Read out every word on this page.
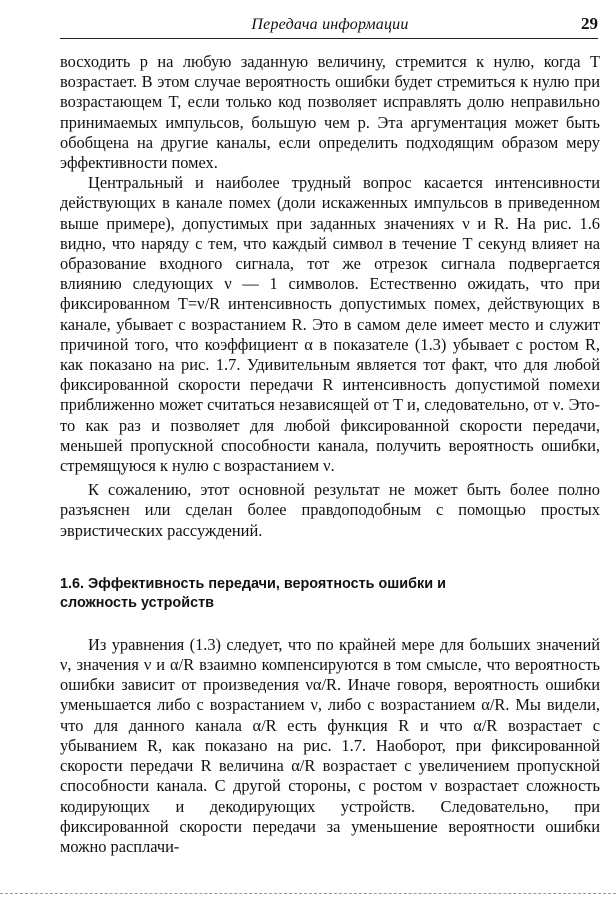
Передача информации	29

восходить p на любую заданную величину, стремится к нулю, когда T возрастает. В этом случае вероятность ошибки будет стремиться к нулю при возрастающем T, если только код позволяет исправлять долю неправильно принимаемых импульсов, большую чем p. Эта аргументация может быть обобщена на другие каналы, если определить подходящим образом меру эффективности помех.

Центральный и наиболее трудный вопрос касается интенсивности действующих в канале помех (доли искаженных импульсов в приведенном выше примере), допустимых при заданных значениях ν и R. На рис. 1.6 видно, что наряду с тем, что каждый символ в течение T секунд влияет на образование входного сигнала, тот же отрезок сигнала подвергается влиянию следующих ν — 1 символов. Естественно ожидать, что при фиксированном T=ν/R интенсивность допустимых помех, действующих в канале, убывает с возрастанием R. Это в самом деле имеет место и служит причиной того, что коэффициент α в показателе (1.3) убывает с ростом R, как показано на рис. 1.7. Удивительным является тот факт, что для любой фиксированной скорости передачи R интенсивность допустимой помехи приближенно может считаться независящей от T и, следовательно, от ν. Это-то как раз и позволяет для любой фиксированной скорости передачи, меньшей пропускной способности канала, получить вероятность ошибки, стремящуюся к нулю с возрастанием ν.

К сожалению, этот основной результат не может быть более полно разъяснен или сделан более правдоподобным с помощью простых эвристических рассуждений.

1.6. Эффективность передачи, вероятность ошибки и сложность устройств

Из уравнения (1.3) следует, что по крайней мере для больших значений ν, значения ν и α/R взаимно компенсируются в том смысле, что вероятность ошибки зависит от произведения να/R. Иначе говоря, вероятность ошибки уменьшается либо с возрастанием ν, либо с возрастанием α/R. Мы видели, что для данного канала α/R есть функция R и что α/R возрастает с убыванием R, как показано на рис. 1.7. Наоборот, при фиксированной скорости передачи R величина α/R возрастает с увеличением пропускной способности канала. С другой стороны, с ростом ν возрастает сложность кодирующих и декодирующих устройств. Следовательно, при фиксированной скорости передачи за уменьшение вероятности ошибки можно расплачи-
